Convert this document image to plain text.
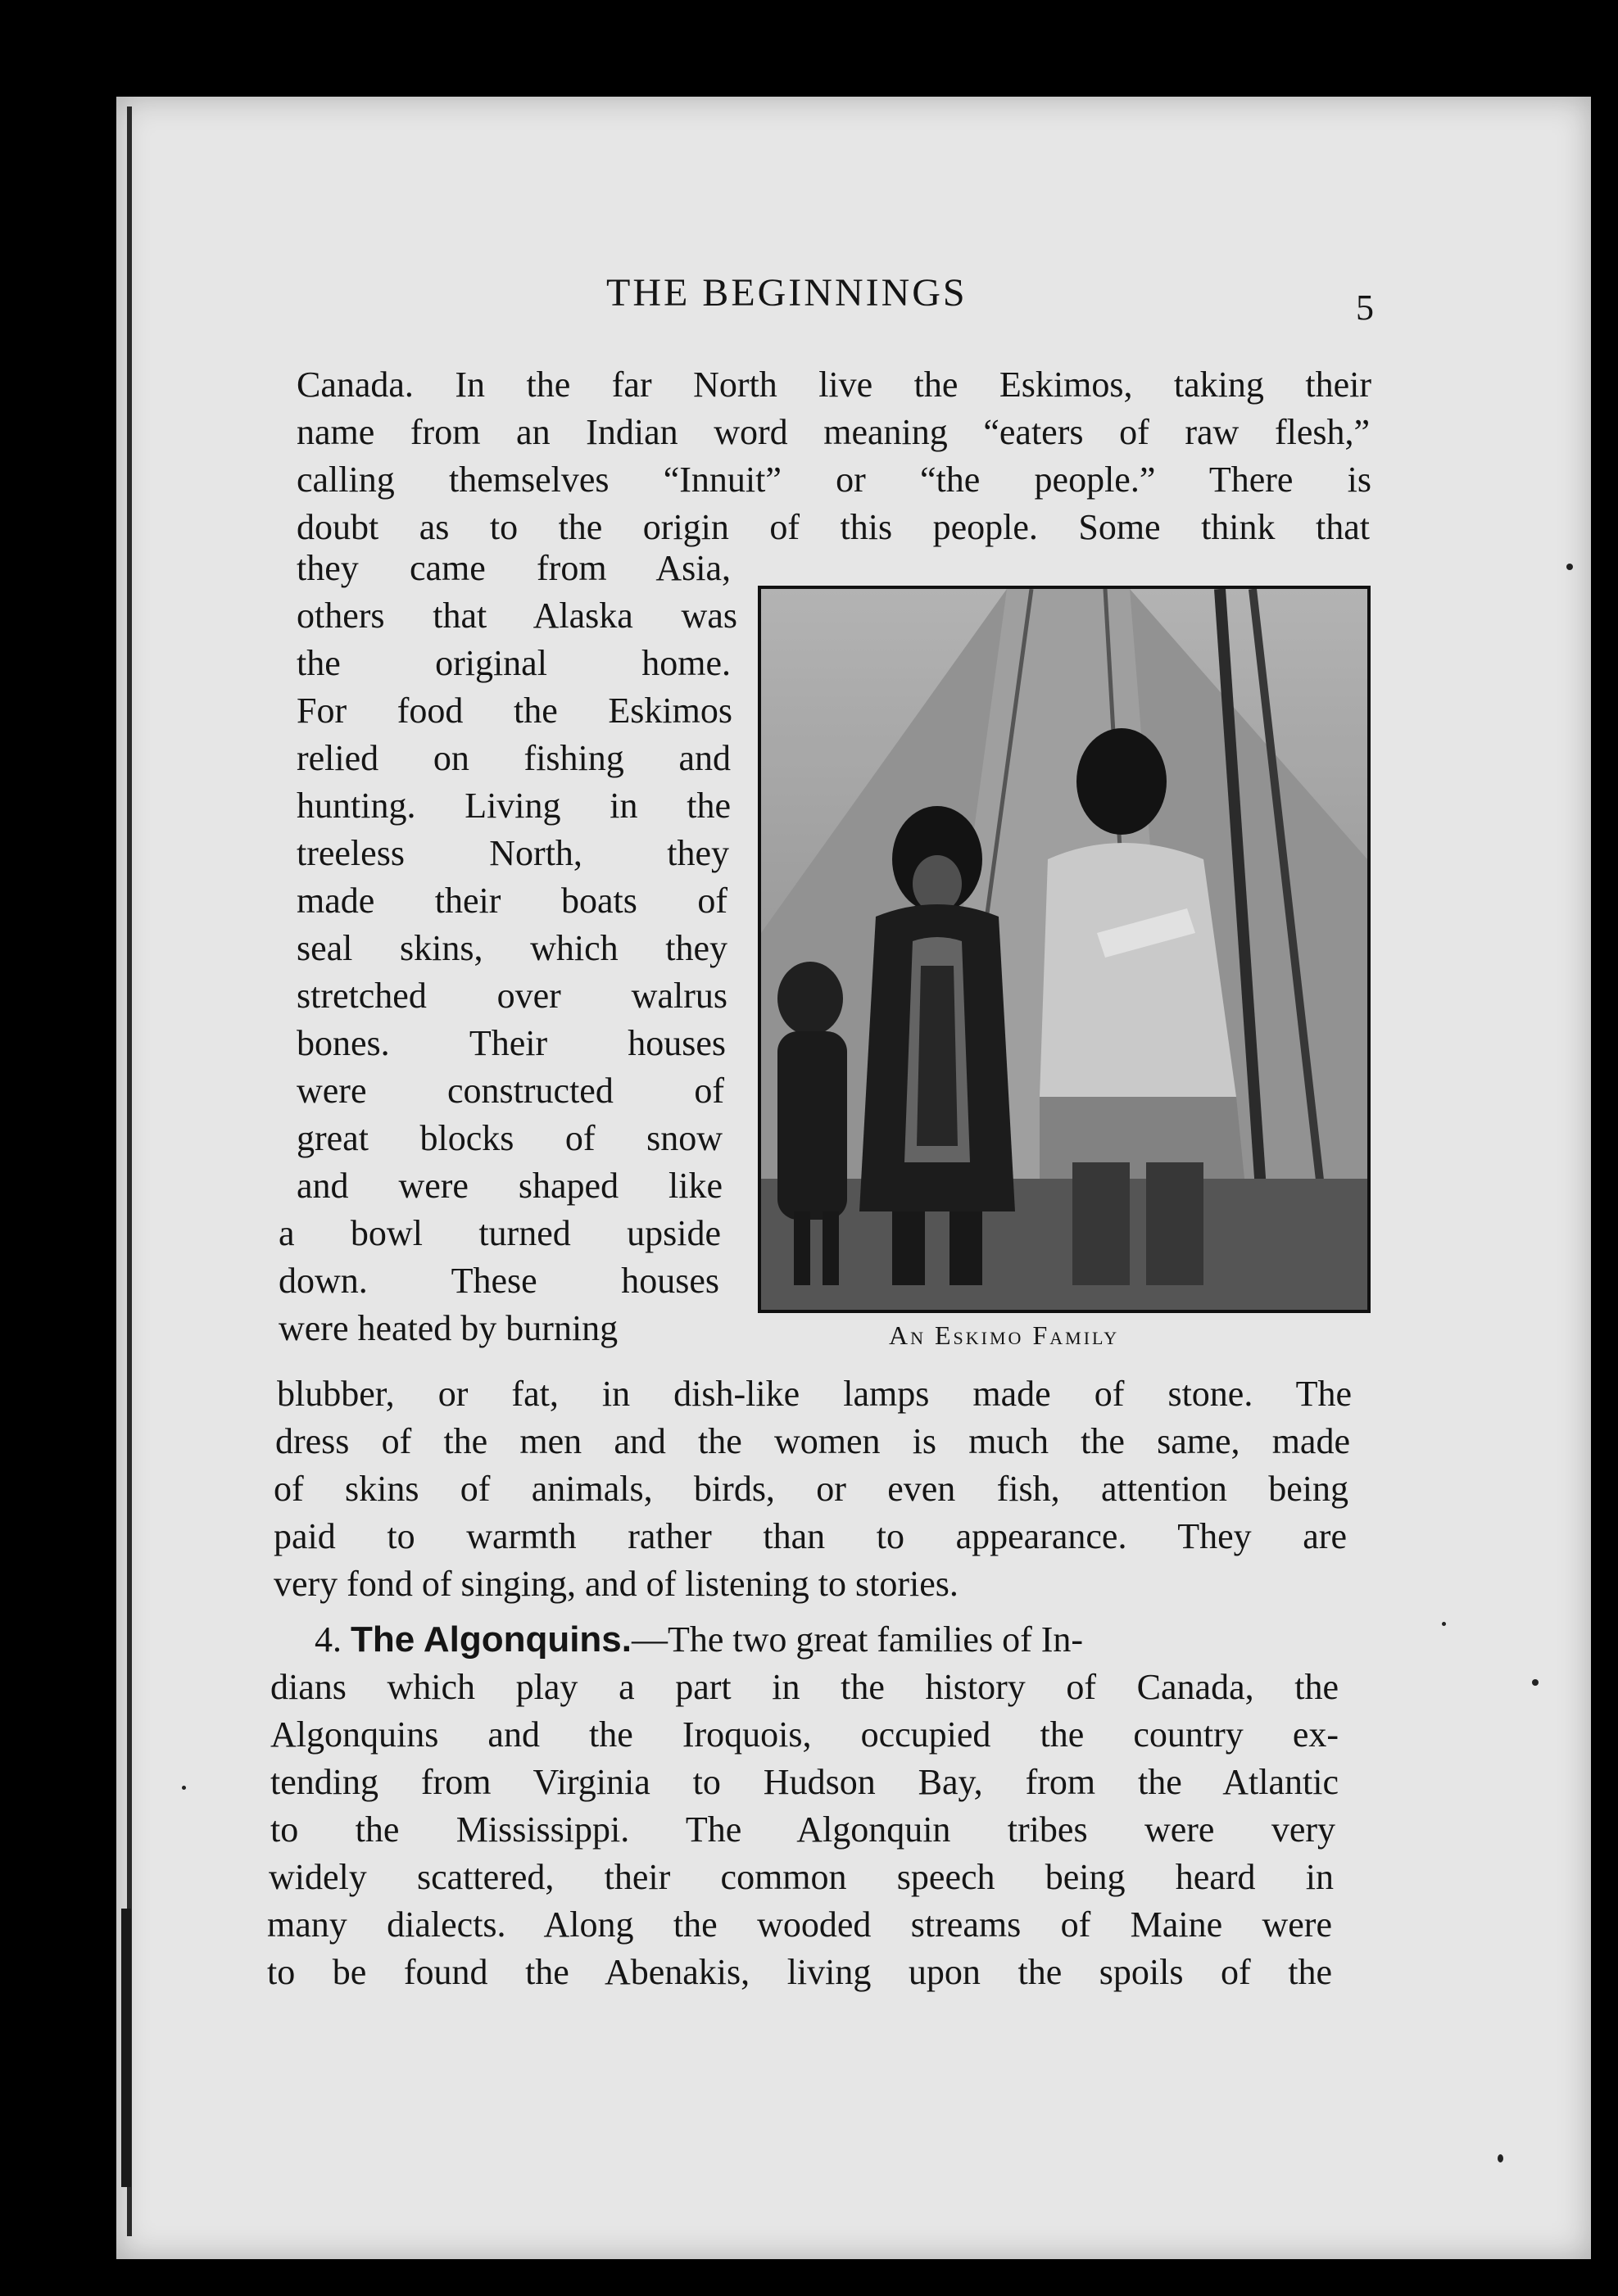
THE BEGINNINGS	5
Canada. In the far North live the Eskimos, taking their
name from an Indian word meaning “eaters of raw flesh,”
calling themselves “Innuit” or “the people.” There is
doubt as to the origin of this people. Some think that
they came from Asia,
others that Alaska was
the original home.
For food the Eskimos
relied on fishing and
hunting. Living in the
treeless North, they
made their boats of
seal skins, which they
stretched over walrus
bones. Their houses
were constructed of
great blocks of snow
and were shaped like
a bowl turned upside
down. These houses
were heated by burning	An Eskimo Family
blubber, or fat, in dish-like lamps made of stone. The
dress of the men and the women is much the same, made
of skins of animals, birds, or even fish, attention being
paid to warmth rather than to appearance. They are
very fond of singing, and of listening to stories.
4. The Algonquins.—The two great families of In-
dians which play a part in the history of Canada, the
Algonquins and the Iroquois, occupied the country ex-
tending from Virginia to Hudson Bay, from the Atlantic
to the Mississippi. The Algonquin tribes were very
widely scattered, their common speech being heard in
many dialects. Along the wooded streams of Maine were
to be found the Abenakis, living upon the spoils of the
